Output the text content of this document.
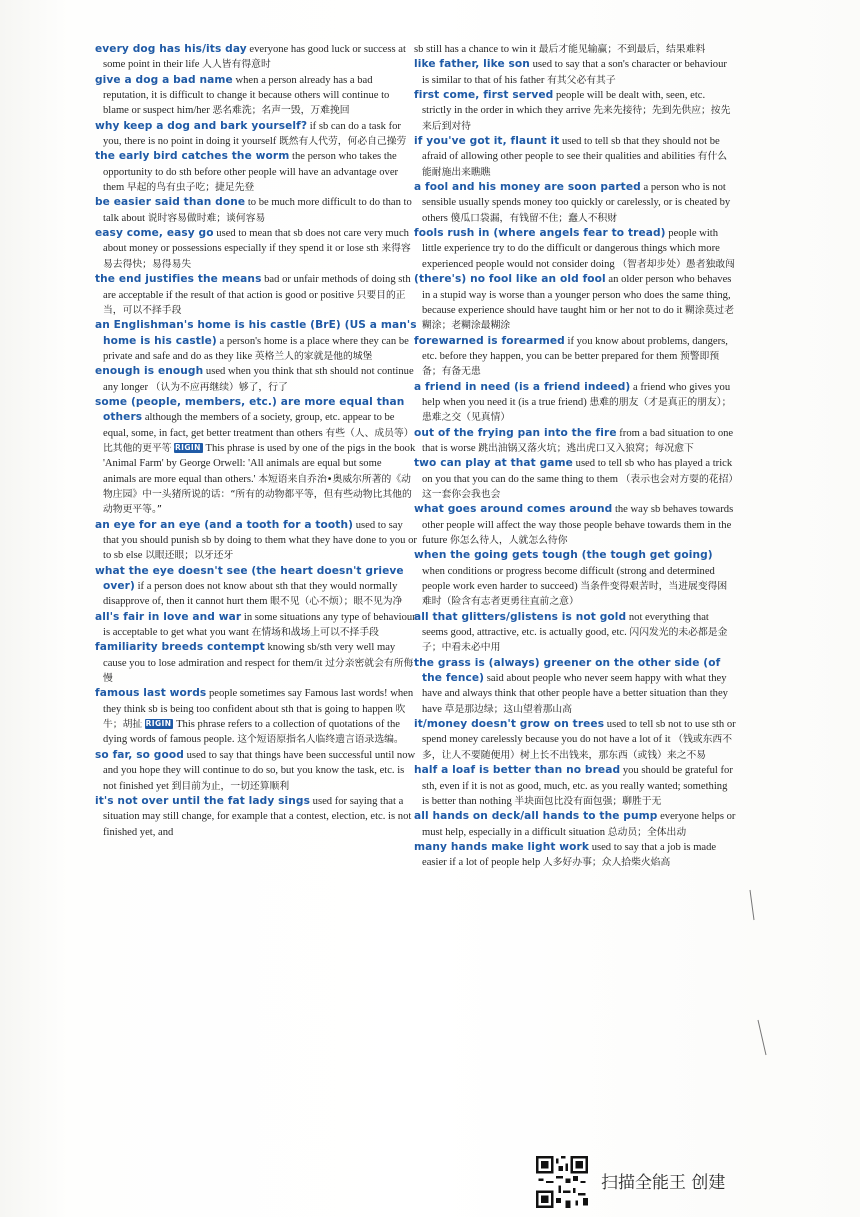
every dog has his/its day everyone has good luck or success at some point in their life 人人皆有得意时

give a dog a bad name when a person already has a bad reputation, it is difficult to change it because others will continue to blame or suspect him/her 恶名难洗；名声一毁，万难挽回

why keep a dog and bark yourself? if sb can do a task for you, there is no point in doing it yourself 既然有人代劳，何必自己操劳

the early bird catches the worm the person who takes the opportunity to do sth before other people will have an advantage over them 早起的鸟有虫子吃；捷足先登

be easier said than done to be much more difficult to do than to talk about 说时容易做时难；谈何容易

easy come, easy go used to mean that sb does not care very much about money or possessions especially if they spend it or lose sth 来得容易去得快；易得易失

the end justifies the means bad or unfair methods of doing sth are acceptable if the result of that action is good or positive 只要目的正当，可以不择手段

an Englishman's home is his castle (BrE) (US a man's home is his castle) a person's home is a place where they can be private and safe and do as they like 英格兰人的家就是他的城堡

enough is enough used when you think that sth should not continue any longer （认为不应再继续）够了，行了

some (people, members, etc.) are more equal than others although the members of a society, group, etc. appear to be equal, some, in fact, get better treatment than others 有些（人、成员等）比其他的更平等 ORIGIN This phrase is used by one of the pigs in the book 'Animal Farm' by George Orwell: 'All animals are equal but some animals are more equal than others.' 本短语来自乔治•奥威尔所著的《动物庄园》中一头猪所说的话：“所有的动物都平等，但有些动物比其他的动物更平等。”

an eye for an eye (and a tooth for a tooth) used to say that you should punish sb by doing to them what they have done to you or to sb else 以眼还眼；以牙还牙

what the eye doesn't see (the heart doesn't grieve over) if a person does not know about sth that they would normally disapprove of, then it cannot hurt them 眼不见（心不烦）；眼不见为净

all's fair in love and war in some situations any type of behaviour is acceptable to get what you want 在情场和战场上可以不择手段

familiarity breeds contempt knowing sb/sth very well may cause you to lose admiration and respect for them/it 过分亲密就会有所侮慢

famous last words people sometimes say Famous last words! when they think sb is being too confident about sth that is going to happen 吹牛；胡扯 ORIGIN This phrase refers to a collection of quotations of the dying words of famous people. 这个短语原指名人临终遗言语录选编。

so far, so good used to say that things have been successful until now and you hope they will continue to do so, but you know the task, etc. is not finished yet 到目前为止，一切还算顺利

it's not over until the fat lady sings used for saying that a situation may still change, for example that a contest, election, etc. is not finished yet, and

sb still has a chance to win it 最后才能见输赢；不到最后，结果难料

like father, like son used to say that a son's character or behaviour is similar to that of his father 有其父必有其子

first come, first served people will be dealt with, seen, etc. strictly in the order in which they arrive 先来先接待；先到先供应；按先来后到对待

if you've got it, flaunt it used to tell sb that they should not be afraid of allowing other people to see their qualities and abilities 有什么能耐施出来瞧瞧

a fool and his money are soon parted a person who is not sensible usually spends money too quickly or carelessly, or is cheated by others 傻瓜口袋漏，有钱留不住；蠢人不积财

fools rush in (where angels fear to tread) people with little experience try to do the difficult or dangerous things which more experienced people would not consider doing （智者却步处）愚者独敢闯

(there's) no fool like an old fool an older person who behaves in a stupid way is worse than a younger person who does the same thing, because experience should have taught him or her not to do it 糊涂莫过老糊涂；老糊涂最糊涂

forewarned is forearmed if you know about problems, dangers, etc. before they happen, you can be better prepared for them 预警即预备；有备无患

a friend in need (is a friend indeed) a friend who gives you help when you need it (is a true friend) 患难的朋友（才是真正的朋友）；患难之交（见真情）

out of the frying pan into the fire from a bad situation to one that is worse 跳出油锅又落火坑；逃出虎口又入狼窝；每况愈下

two can play at that game used to tell sb who has played a trick on you that you can do the same thing to them （表示也会对方耍的花招）这一套你会我也会

what goes around comes around the way sb behaves towards other people will affect the way those people behave towards them in the future 你怎么待人，人就怎么待你

when the going gets tough (the tough get going) when conditions or progress become difficult (strong and determined people work even harder to succeed) 当条件变得艰苦时，当进展变得困难时（险含有志者更勇往直前之意）

all that glitters/glistens is not gold not everything that seems good, attractive, etc. is actually good, etc. 闪闪发光的未必都是金子；中看未必中用

the grass is (always) greener on the other side (of the fence) said about people who never seem happy with what they have and always think that other people have a better situation than they have 草是那边绿；这山望着那山高

it/money doesn't grow on trees used to tell sb not to use sth or spend money carelessly because you do not have a lot of it （钱或东西不多，让人不要随便用）树上长不出钱来，那东西（或钱）来之不易

half a loaf is better than no bread you should be grateful for sth, even if it is not as good, much, etc. as you really wanted; something is better than nothing 半块面包比没有面包强；聊胜于无

all hands on deck/all hands to the pump everyone helps or must help, especially in a difficult situation 总动员；全体出动

many hands make light work used to say that a job is made easier if a lot of people help 人多好办事；众人拾柴火焰高

扫描全能王 创建
